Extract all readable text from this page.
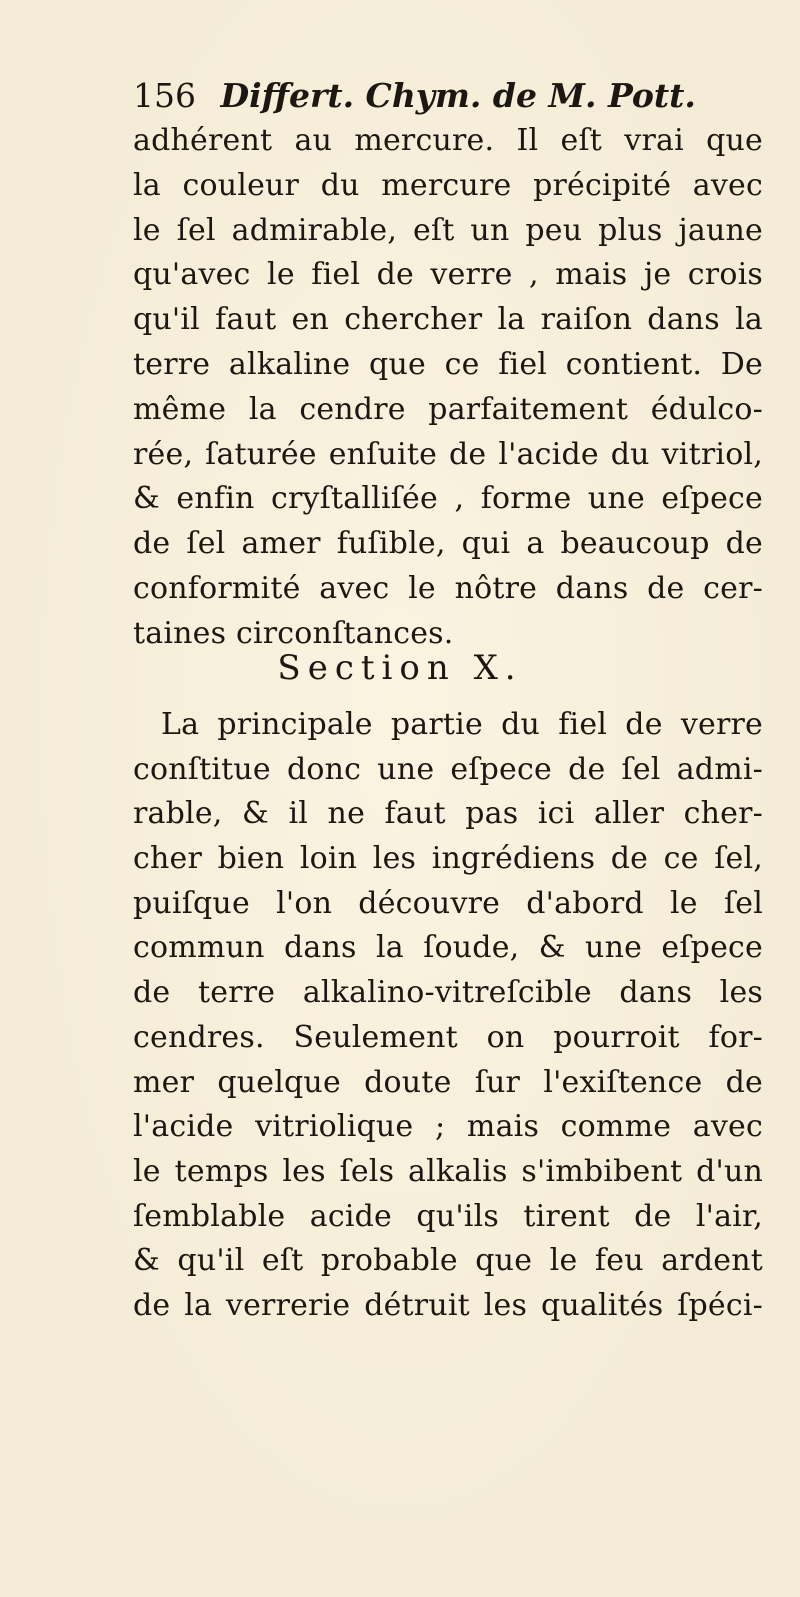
156 Differt. Chym. de M. Pott.
adhérent au mercure. Il eſt vrai que
la couleur du mercure précipité avec
le ſel admirable, eſt un peu plus jaune
qu'avec le fiel de verre , mais je crois
qu'il faut en chercher la raiſon dans la
terre alkaline que ce fiel contient. De
même la cendre parfaitement édulco-
rée, ſaturée enſuite de l'acide du vitriol,
& enfin cryſtalliſée , forme une eſpece
de ſel amer fuſible, qui a beaucoup de
conformité avec le nôtre dans de cer-
taines circonſtances.
Section X.
La principale partie du fiel de verre
conſtitue donc une eſpece de ſel admi-
rable, & il ne faut pas ici aller cher-
cher bien loin les ingrédiens de ce ſel,
puiſque l'on découvre d'abord le ſel
commun dans la ſoude, & une eſpece
de terre alkalino-vitreſcible dans les
cendres. Seulement on pourroit for-
mer quelque doute ſur l'exiſtence de
l'acide vitriolique ; mais comme avec
le temps les ſels alkalis s'imbibent d'un
ſemblable acide qu'ils tirent de l'air,
& qu'il eſt probable que le feu ardent
de la verrerie détruit les qualités ſpéci-
